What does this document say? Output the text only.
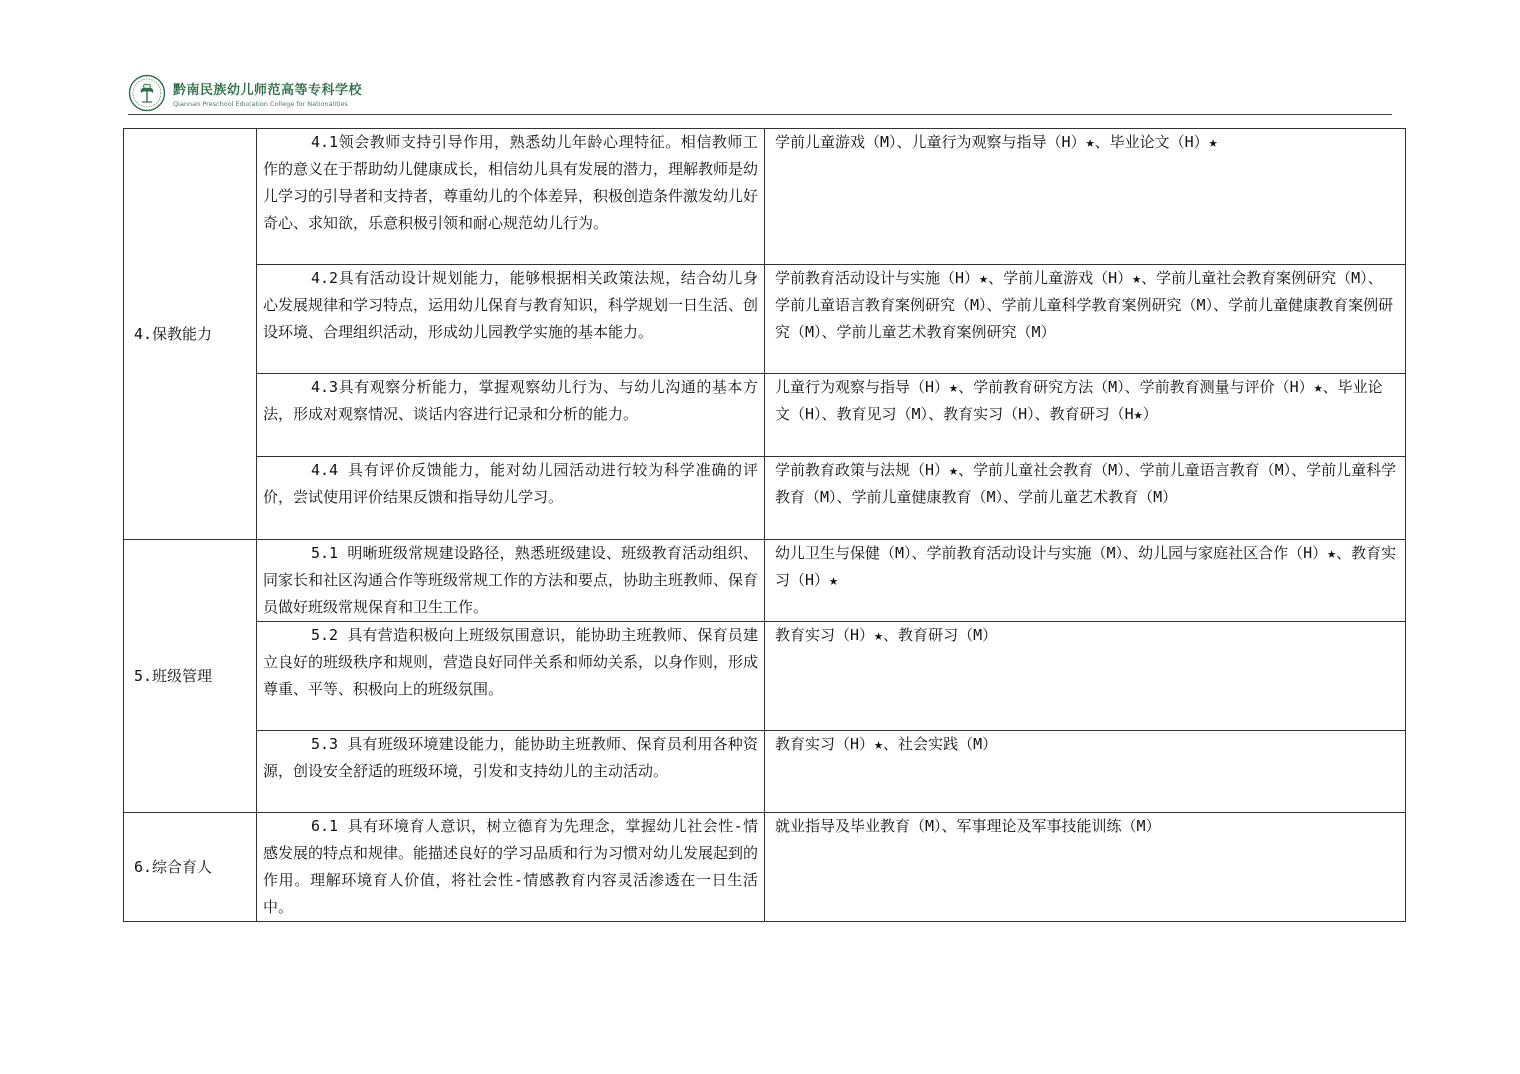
黔南民族幼儿师范高等专科学校
Qiannan Preschool Education College for Nationalities
4.保教能力	4.1领会教师支持引导作用，熟悉幼儿年龄心理特征。相信教师工作的意义在于帮助幼儿健康成长，相信幼儿具有发展的潜力，理解教师是幼儿学习的引导者和支持者，尊重幼儿的个体差异，积极创造条件激发幼儿好奇心、求知欲，乐意积极引领和耐心规范幼儿行为。	学前儿童游戏（M）、儿童行为观察与指导（H）★、毕业论文（H）★
	4.2具有活动设计规划能力，能够根据相关政策法规，结合幼儿身心发展规律和学习特点，运用幼儿保育与教育知识，科学规划一日生活、创设环境、合理组织活动，形成幼儿园教学实施的基本能力。	学前教育活动设计与实施（H）★、学前儿童游戏（H）★、学前儿童社会教育案例研究（M）、学前儿童语言教育案例研究（M）、学前儿童科学教育案例研究（M）、学前儿童健康教育案例研究（M）、学前儿童艺术教育案例研究（M）
	4.3具有观察分析能力，掌握观察幼儿行为、与幼儿沟通的基本方法，形成对观察情况、谈话内容进行记录和分析的能力。	儿童行为观察与指导（H）★、学前教育研究方法（M）、学前教育测量与评价（H）★、毕业论文（H）、教育见习（M）、教育实习（H）、教育研习（H★）
	4.4 具有评价反馈能力，能对幼儿园活动进行较为科学准确的评价，尝试使用评价结果反馈和指导幼儿学习。	学前教育政策与法规（H）★、学前儿童社会教育（M）、学前儿童语言教育（M）、学前儿童科学教育（M）、学前儿童健康教育（M）、学前儿童艺术教育（M）
5.班级管理	5.1 明晰班级常规建设路径，熟悉班级建设、班级教育活动组织、同家长和社区沟通合作等班级常规工作的方法和要点，协助主班教师、保育员做好班级常规保育和卫生工作。	幼儿卫生与保健（M）、学前教育活动设计与实施（M）、幼儿园与家庭社区合作（H）★、教育实习（H）★
	5.2 具有营造积极向上班级氛围意识，能协助主班教师、保育员建立良好的班级秩序和规则，营造良好同伴关系和师幼关系，以身作则，形成尊重、平等、积极向上的班级氛围。	教育实习（H）★、教育研习（M）
	5.3 具有班级环境建设能力，能协助主班教师、保育员利用各种资源，创设安全舒适的班级环境，引发和支持幼儿的主动活动。	教育实习（H）★、社会实践（M）
6.综合育人	6.1 具有环境育人意识，树立德育为先理念，掌握幼儿社会性-情感发展的特点和规律。能描述良好的学习品质和行为习惯对幼儿发展起到的作用。理解环境育人价值，将社会性-情感教育内容灵活渗透在一日生活中。	就业指导及毕业教育（M）、军事理论及军事技能训练（M）
